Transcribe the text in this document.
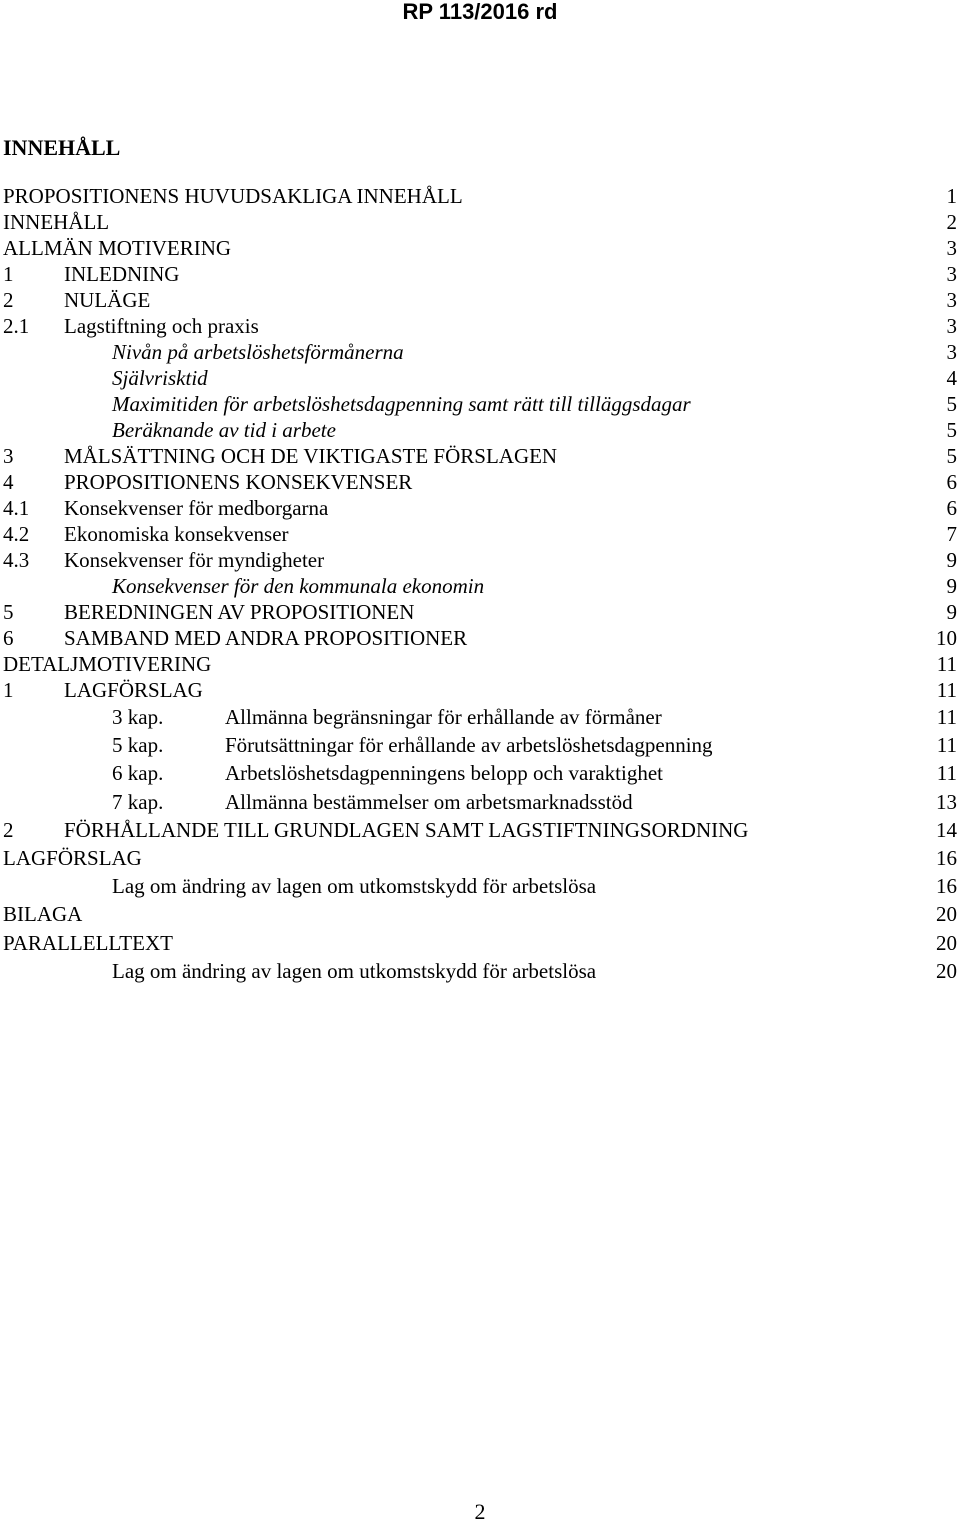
RP 113/2016 rd
INNEHÅLL
PROPOSITIONENS HUVUDSAKLIGA INNEHÅLL	1
INNEHÅLL	2
ALLMÄN MOTIVERING	3
1	INLEDNING	3
2	NULÄGE	3
2.1	Lagstiftning och praxis	3
Nivån på arbetslöshetsförmånerna	3
Självrisktid	4
Maximitiden för arbetslöshetsdagpenning samt rätt till tilläggsdagar	5
Beräknande av tid i arbete	5
3	MÅLSÄTTNING OCH DE VIKTIGASTE FÖRSLAGEN	5
4	PROPOSITIONENS KONSEKVENSER	6
4.1	Konsekvenser för medborgarna	6
4.2	Ekonomiska konsekvenser	7
4.3	Konsekvenser för myndigheter	9
Konsekvenser för den kommunala ekonomin	9
5	BEREDNINGEN AV PROPOSITIONEN	9
6	SAMBAND MED ANDRA PROPOSITIONER	10
DETALJMOTIVERING	11
1	LAGFÖRSLAG	11
3 kap.	Allmänna begränsningar för erhållande av förmåner	11
5 kap.	Förutsättningar för erhållande av arbetslöshetsdagpenning	11
6 kap.	Arbetslöshetsdagpenningens belopp och varaktighet	11
7 kap.	Allmänna bestämmelser om arbetsmarknadsstöd	13
2	FÖRHÅLLANDE TILL GRUNDLAGEN SAMT LAGSTIFTNINGSORDNING	14
LAGFÖRSLAG	16
Lag om ändring av lagen om utkomstskydd för arbetslösa	16
BILAGA	20
PARALLELLTEXT	20
Lag om ändring av lagen om utkomstskydd för arbetslösa	20
2
